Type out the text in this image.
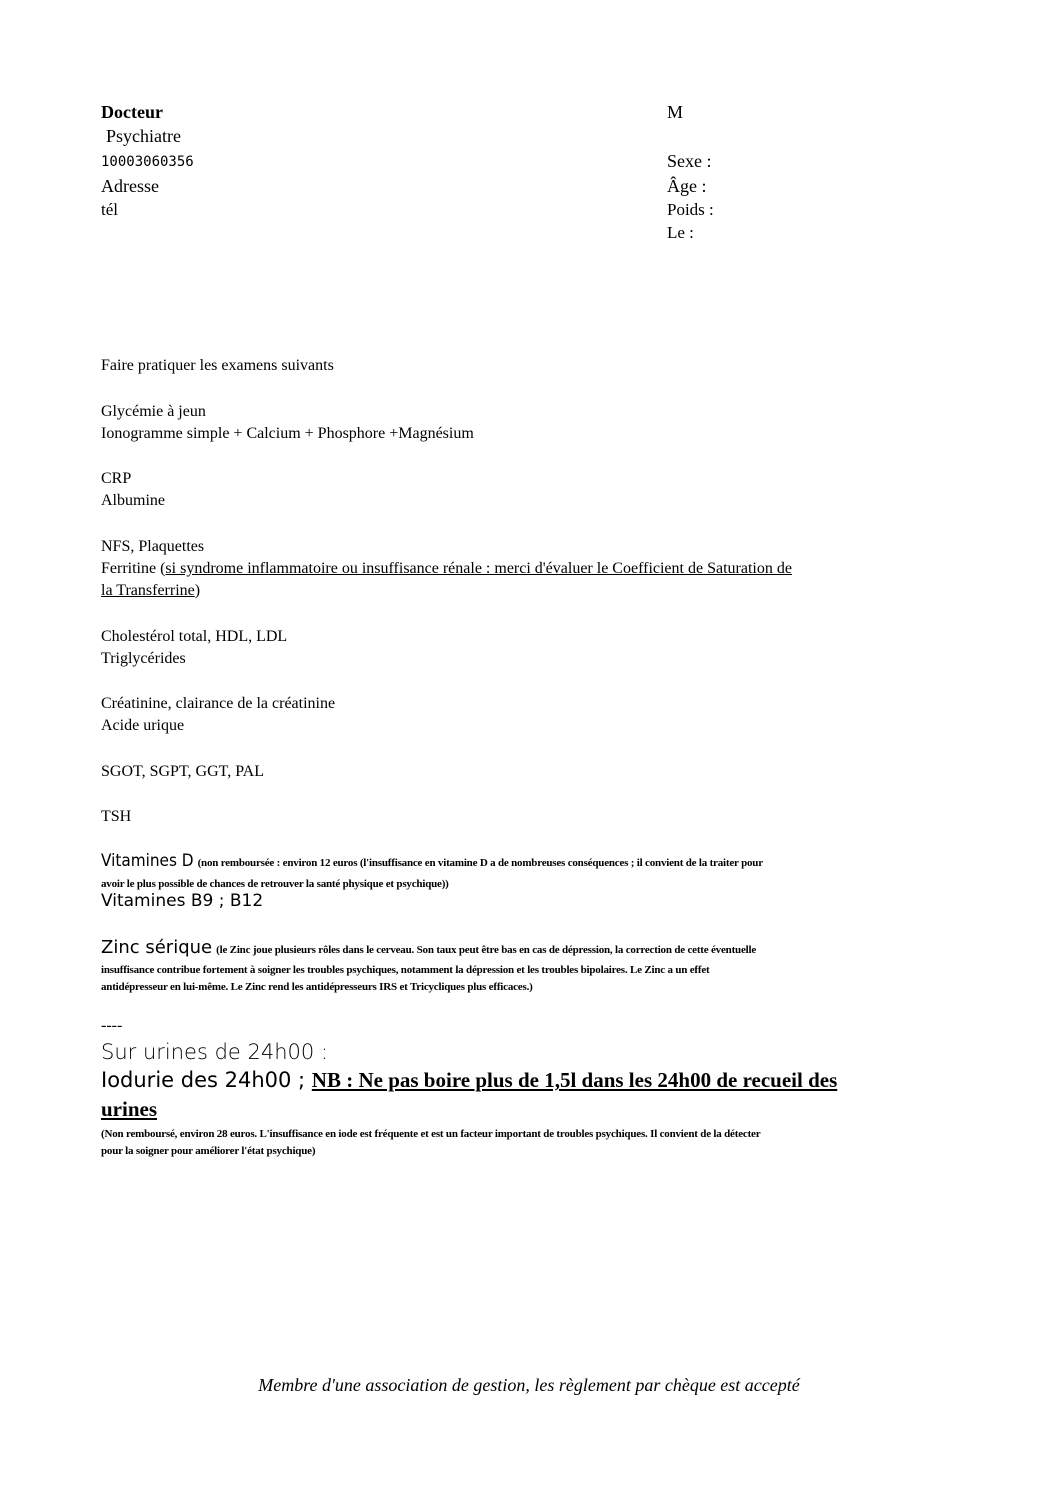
Docteur
Psychiatre
10003060356
Adresse
tél
M
Sexe :
Âge :
Poids :
Le :
Faire pratiquer les examens suivants
Glycémie à jeun
Ionogramme simple + Calcium + Phosphore +Magnésium
CRP
Albumine
NFS, Plaquettes
Ferritine (si syndrome inflammatoire ou insuffisance rénale : merci d'évaluer le Coefficient de Saturation de
la Transferrine)
Cholestérol total, HDL, LDL
Triglycérides
Créatinine, clairance de la créatinine
Acide urique
SGOT, SGPT, GGT, PAL
TSH
Vitamines D (non remboursée : environ 12 euros (l'insuffisance en vitamine D a de nombreuses conséquences ; il convient de la traiter pour
avoir le plus possible de chances de retrouver la santé physique et psychique))
Vitamines B9 ; B12
Zinc sérique (le Zinc joue plusieurs rôles dans le cerveau. Son taux peut être bas en cas de dépression, la correction de cette éventuelle
insuffisance contribue fortement à soigner les troubles psychiques, notamment la dépression et les troubles bipolaires. Le Zinc a un effet
antidépresseur en lui-même. Le Zinc rend les antidépresseurs IRS et Tricycliques plus efficaces.)
----
Sur urines de 24h00 :
Iodurie des 24h00 ; NB : Ne pas boire plus de 1,5l dans les 24h00 de recueil des
urines
(Non remboursé, environ 28 euros. L'insuffisance en iode est fréquente et est un facteur important de troubles psychiques. Il convient de la détecter
pour la soigner pour améliorer l'état psychique)
Membre d'une association de gestion, les règlement par chèque est accepté
